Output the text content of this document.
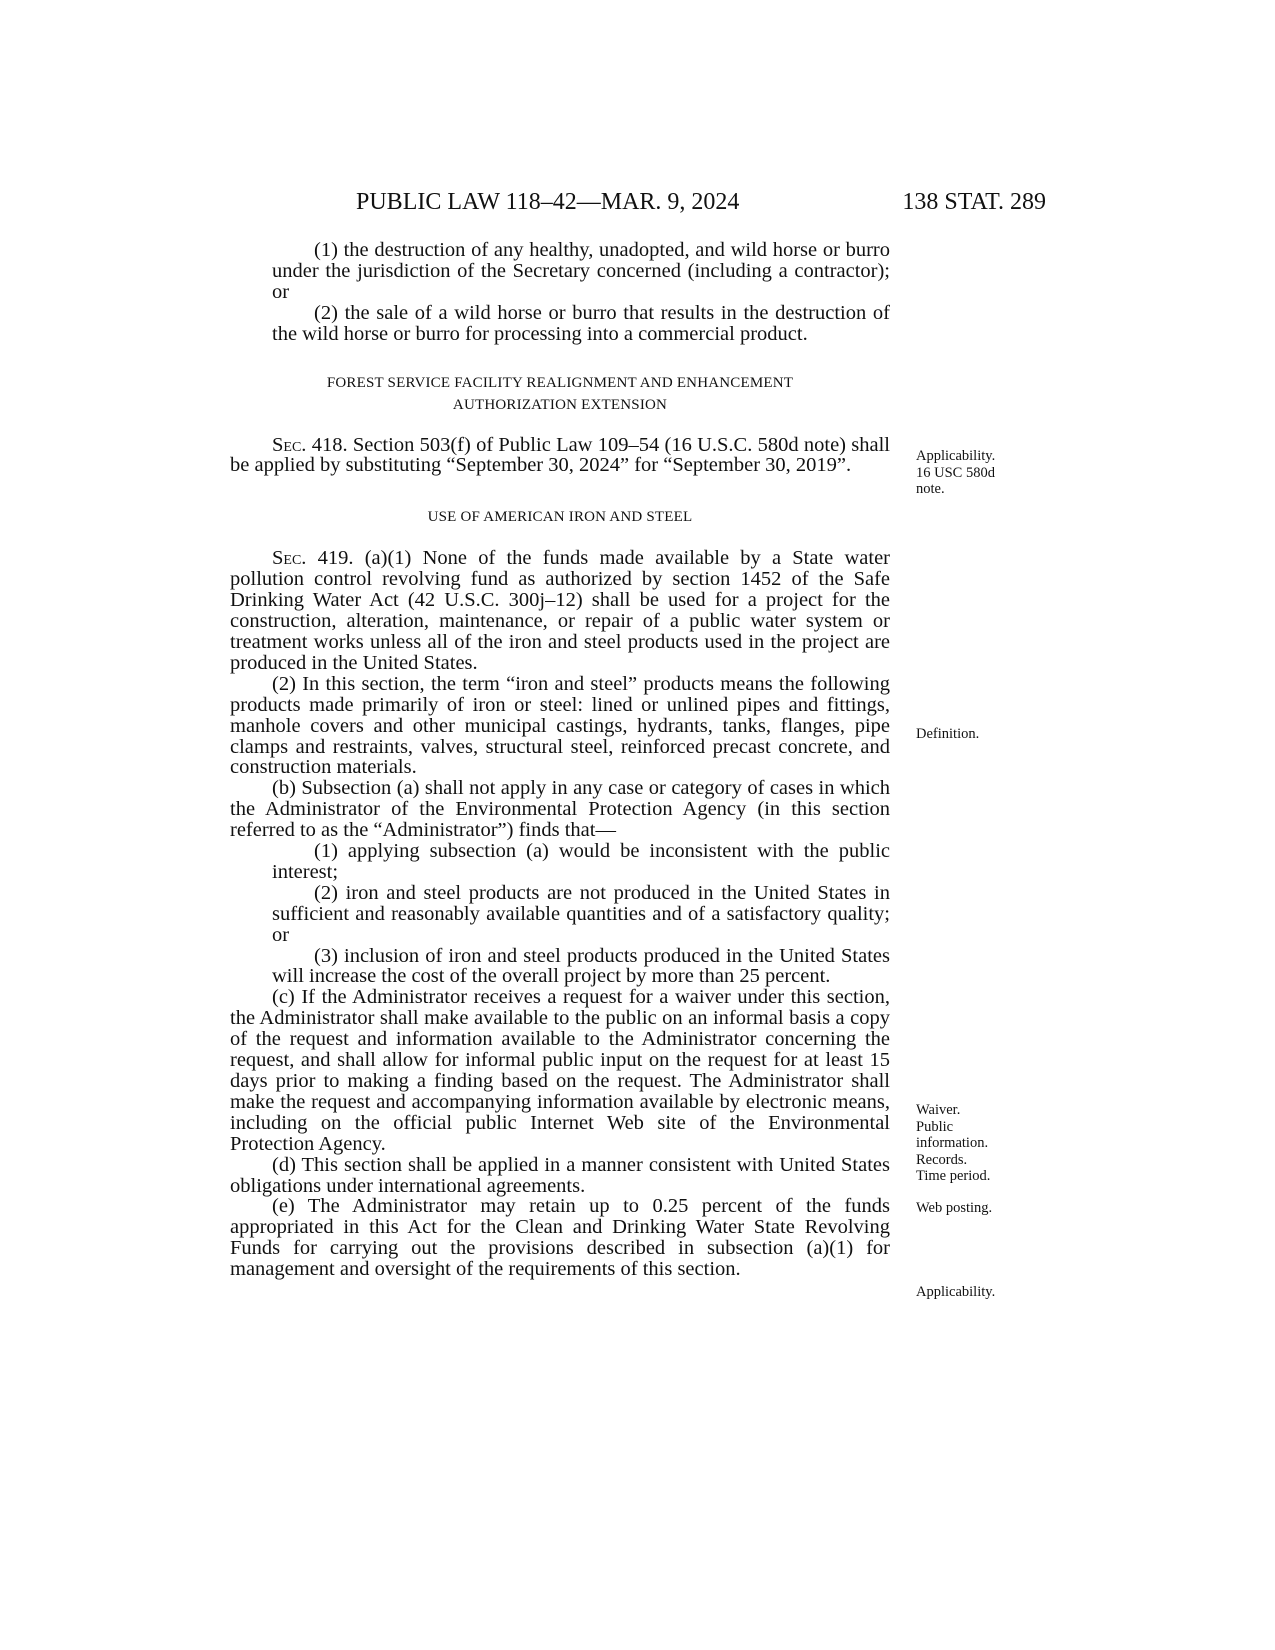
PUBLIC LAW 118–42—MAR. 9, 2024	138 STAT. 289

(1) the destruction of any healthy, unadopted, and wild horse or burro under the jurisdiction of the Secretary concerned (including a contractor); or

(2) the sale of a wild horse or burro that results in the destruction of the wild horse or burro for processing into a commercial product.

FOREST SERVICE FACILITY REALIGNMENT AND ENHANCEMENT
AUTHORIZATION EXTENSION

Sec. 418. Section 503(f) of Public Law 109–54 (16 U.S.C. 580d note) shall be applied by substituting “September 30, 2024” for “September 30, 2019”.

USE OF AMERICAN IRON AND STEEL

Sec. 419. (a)(1) None of the funds made available by a State water pollution control revolving fund as authorized by section 1452 of the Safe Drinking Water Act (42 U.S.C. 300j–12) shall be used for a project for the construction, alteration, maintenance, or repair of a public water system or treatment works unless all of the iron and steel products used in the project are produced in the United States.

(2) In this section, the term “iron and steel” products means the following products made primarily of iron or steel: lined or unlined pipes and fittings, manhole covers and other municipal castings, hydrants, tanks, flanges, pipe clamps and restraints, valves, structural steel, reinforced precast concrete, and construction materials.

(b) Subsection (a) shall not apply in any case or category of cases in which the Administrator of the Environmental Protection Agency (in this section referred to as the “Administrator”) finds that—

(1) applying subsection (a) would be inconsistent with the public interest;

(2) iron and steel products are not produced in the United States in sufficient and reasonably available quantities and of a satisfactory quality; or

(3) inclusion of iron and steel products produced in the United States will increase the cost of the overall project by more than 25 percent.

(c) If the Administrator receives a request for a waiver under this section, the Administrator shall make available to the public on an informal basis a copy of the request and information available to the Administrator concerning the request, and shall allow for informal public input on the request for at least 15 days prior to making a finding based on the request. The Administrator shall make the request and accompanying information available by electronic means, including on the official public Internet Web site of the Environmental Protection Agency.

(d) This section shall be applied in a manner consistent with United States obligations under international agreements.

(e) The Administrator may retain up to 0.25 percent of the funds appropriated in this Act for the Clean and Drinking Water State Revolving Funds for carrying out the provisions described in subsection (a)(1) for management and oversight of the requirements of this section.

Applicability.
16 USC 580d
note.
Definition.
Waiver.
Public
information.
Records.
Time period.
Web posting.
Applicability.
